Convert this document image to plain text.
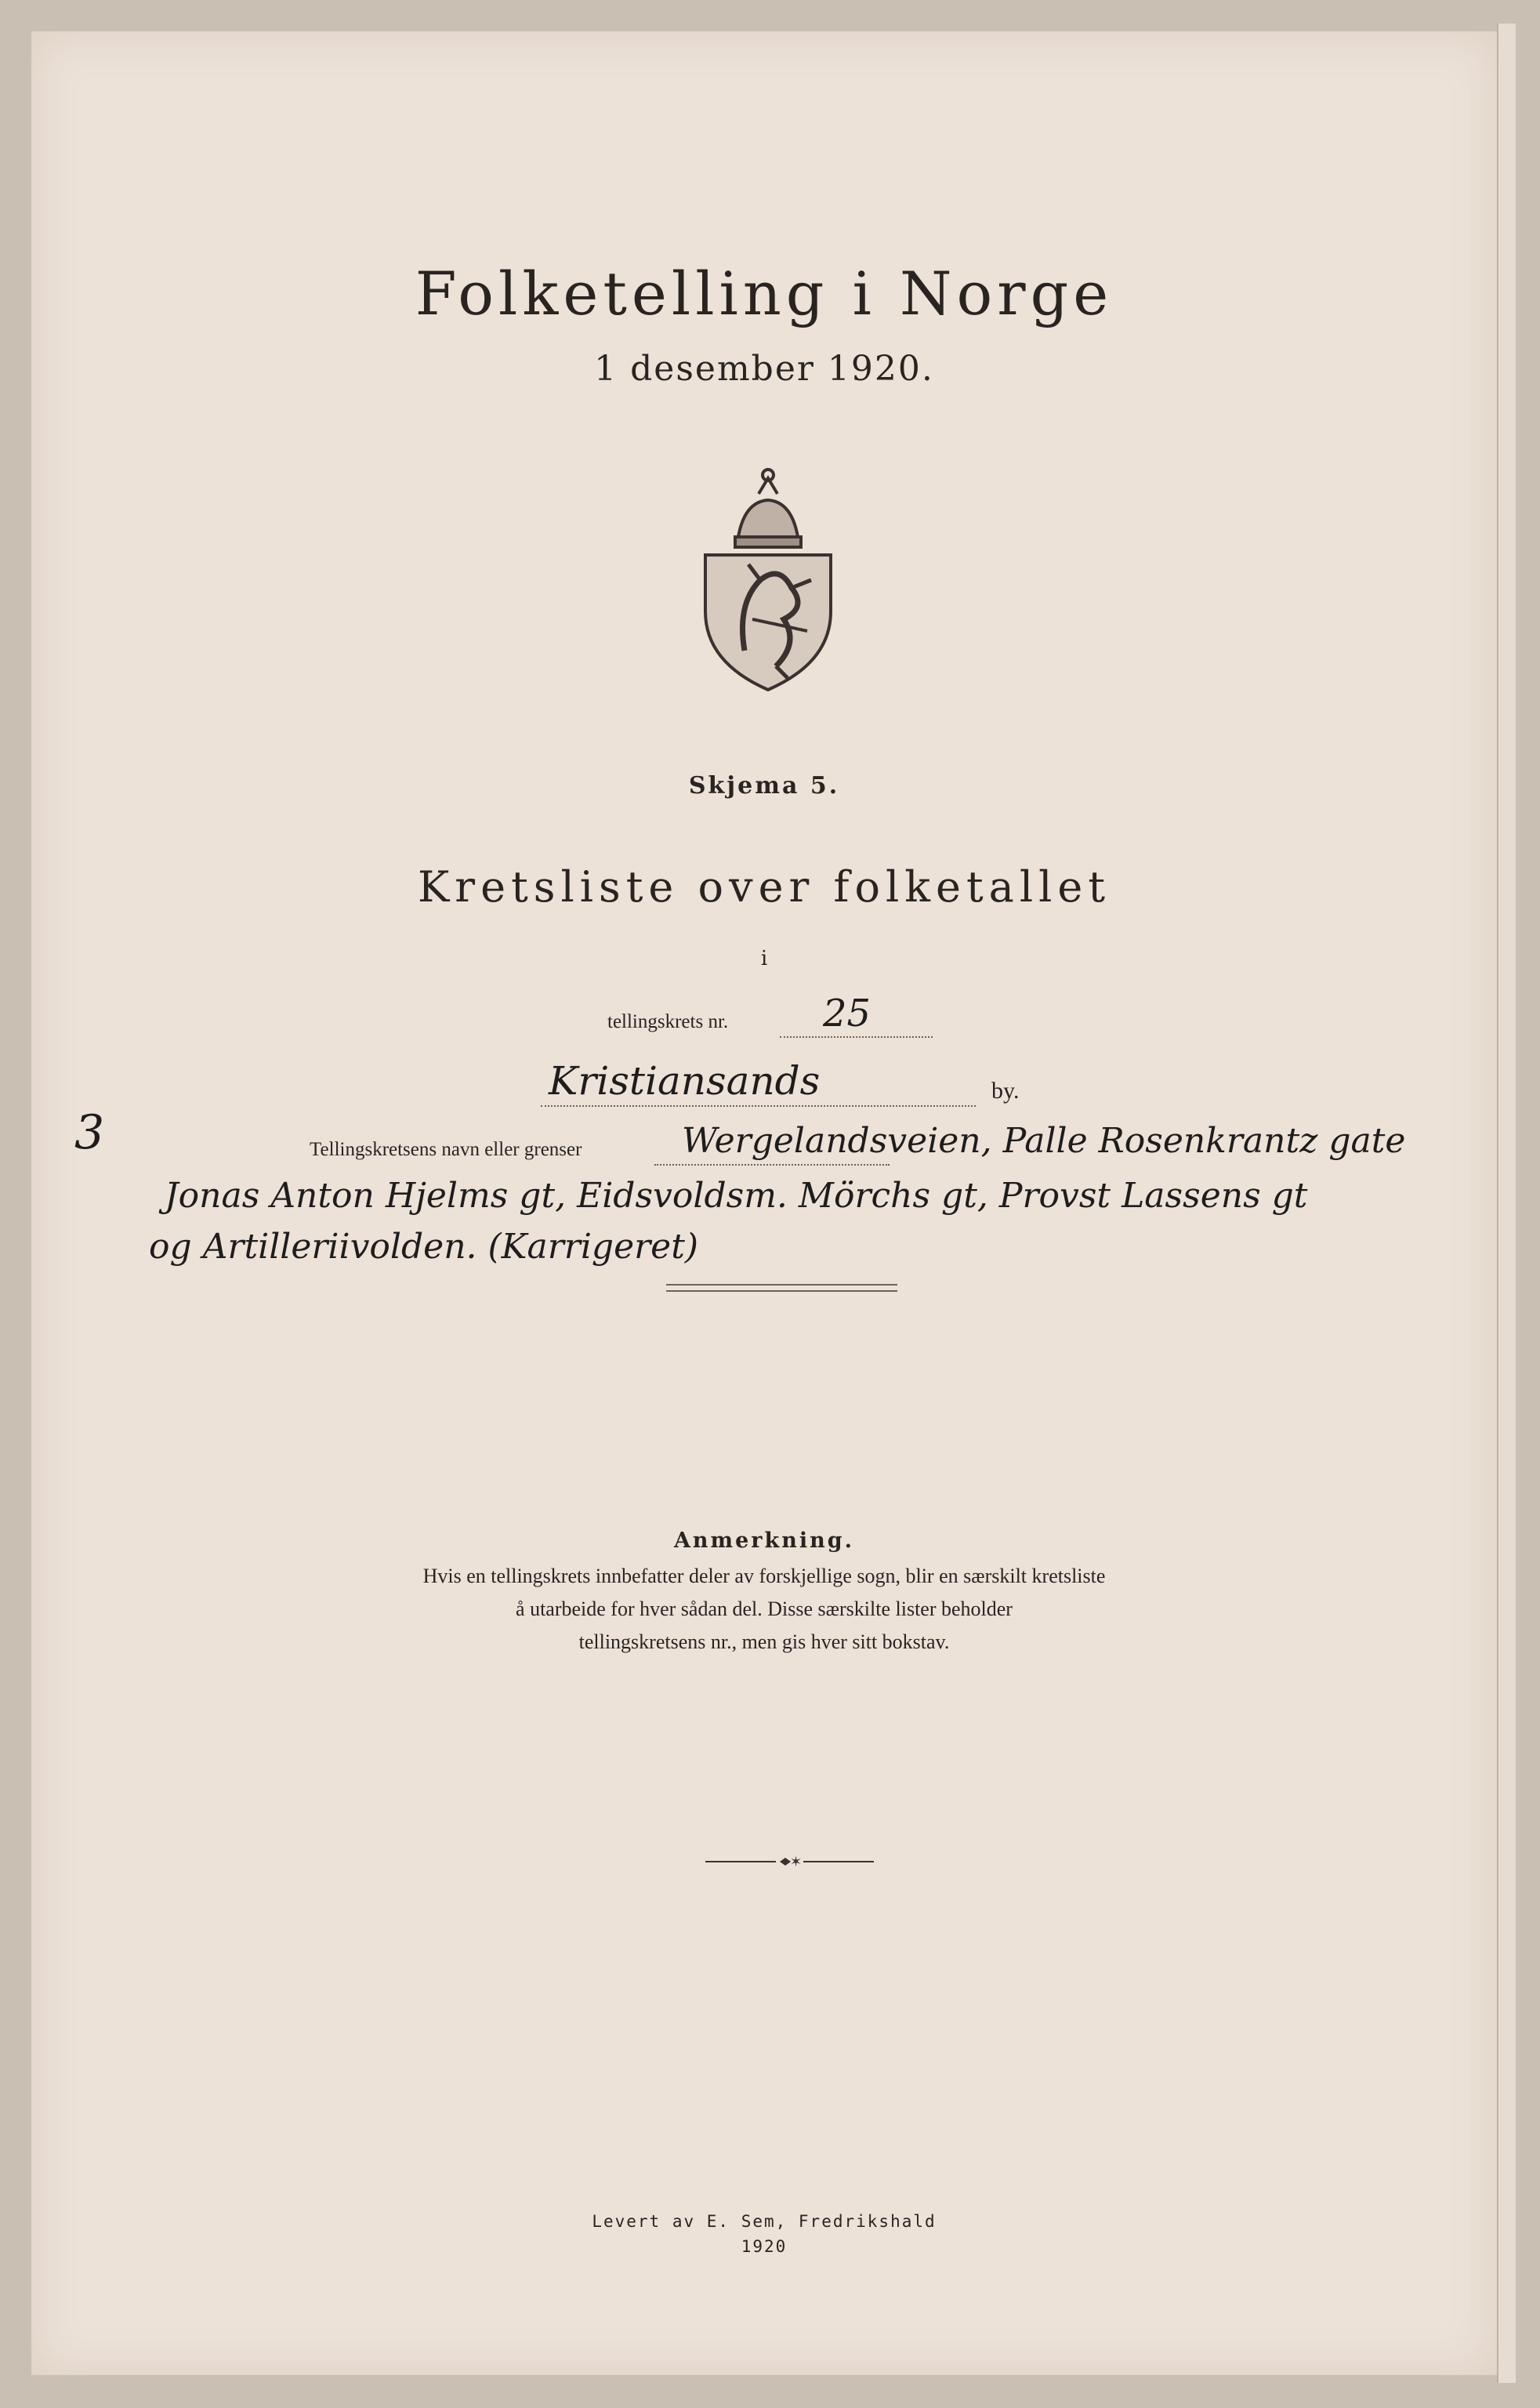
Folketelling i Norge
1 desember 1920.
Skjema 5.
Kretsliste over folketallet
i
tellingskrets nr.	25
Kristiansands	by.
3	Tellingskretsens navn eller grenser	Wergelandsveien, Palle Rosenkrantz gate
Jonas Anton Hjelms gt, Eidsvoldsm. Mörchs gt, Provst Lassens gt
og Artilleriivolden. (Karrigeret)
Anmerkning.
Hvis en tellingskrets innbefatter deler av forskjellige sogn, blir en særskilt kretsliste
å utarbeide for hver sådan del. Disse særskilte lister beholder
tellingskretsens nr., men gis hver sitt bokstav.
✶
Levert av E. Sem, Fredrikshald
1920
